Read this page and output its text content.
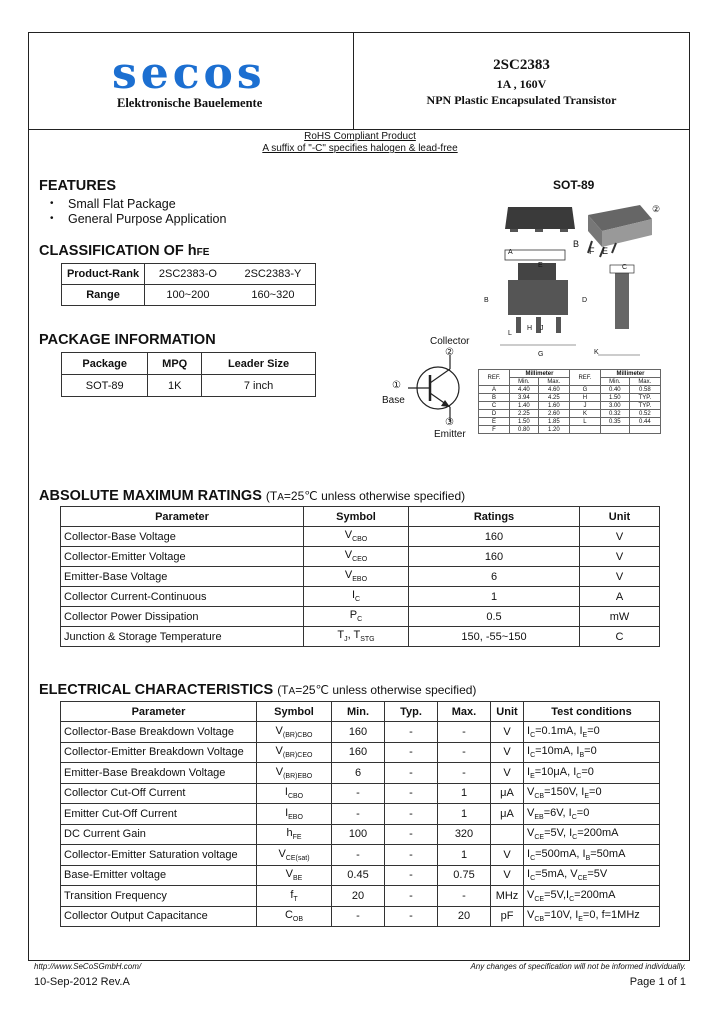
secos
Elektronische Bauelemente
2SC2383
1A , 160V
NPN Plastic Encapsulated Transistor
RoHS Compliant Product
A suffix of "-C" specifies halogen & lead-free
FEATURES
Small Flat Package
General Purpose Application
CLASSIFICATION OF hFE
Product-Rank	2SC2383-O	2SC2383-Y
Range	100~200	160~320
PACKAGE INFORMATION
Package	MPQ	Leader Size
SOT-89	1K	7 inch
SOT-89
A
B
C
D
E
F
G
H J
K
L
B
E
②
Collector
②
①
Base
③
Emitter
REF.	Millimeter		REF.	Millimeter	
	Min.	Max.		Min.	Max.
A	4.40	4.60	G	0.40	0.58
B	3.94	4.25	H	1.50	TYP.
C	1.40	1.60	J	3.00	TYP.
D	2.25	2.60	K	0.32	0.52
E	1.50	1.85	L	0.35	0.44
F	0.80	1.20			
ABSOLUTE MAXIMUM RATINGS (TA=25℃ unless otherwise specified)
Parameter	Symbol	Ratings	Unit
Collector-Base Voltage	$V_{CBO}$	160	V
Collector-Emitter Voltage	$V_{CEO}$	160	V
Emitter-Base Voltage	$V_{EBO}$	6	V
Collector Current-Continuous	$I_C$	1	A
Collector Power Dissipation	$P_C$	0.5	mW
Junction & Storage Temperature	$T_J$, $T_{STG}$	150, -55~150	C
ELECTRICAL CHARACTERISTICS (TA=25℃ unless otherwise specified)
Parameter	Symbol	Min.	Typ.	Max.	Unit	Test conditions
Collector-Base Breakdown Voltage	$V_{(BR)CBO}$	160	-	-	V	$I_C=0.1mA$, $I_E=0$
Collector-Emitter Breakdown Voltage	$V_{(BR)CEO}$	160	-	-	V	$I_C=10mA$, $I_B=0$
Emitter-Base Breakdown Voltage	$V_{(BR)EBO}$	6	-	-	V	$I_E=10\mu A$, $I_C=0$
Collector Cut-Off Current	$I_{CBO}$	-	-	1	μA	$V_{CB}=150V$, $I_E=0$
Emitter Cut-Off Current	$I_{EBO}$	-	-	1	μA	$V_{EB}=6V$, $I_C=0$
DC Current Gain	$h_{FE}$	100	-	320		$V_{CE}=5V$, $I_C=200mA$
Collector-Emitter Saturation voltage	$V_{CE(sat)}$	-	-	1	V	$I_C=500mA$, $I_B=50mA$
Base-Emitter voltage	$V_{BE}$	0.45	-	0.75	V	$I_C=5mA$, $V_{CE}=5V$
Transition Frequency	$f_T$	20	-	-	MHz	$V_{CE}=5V,I_C=200mA$
Collector Output Capacitance	$C_{OB}$	-	-	20	pF	$V_{CB}=10V$, $I_E=0$, f=1MHz
http://www.SeCoSGmbH.com/	Any changes of specification will not be informed individually.
10-Sep-2012 Rev.A	Page 1 of 1
